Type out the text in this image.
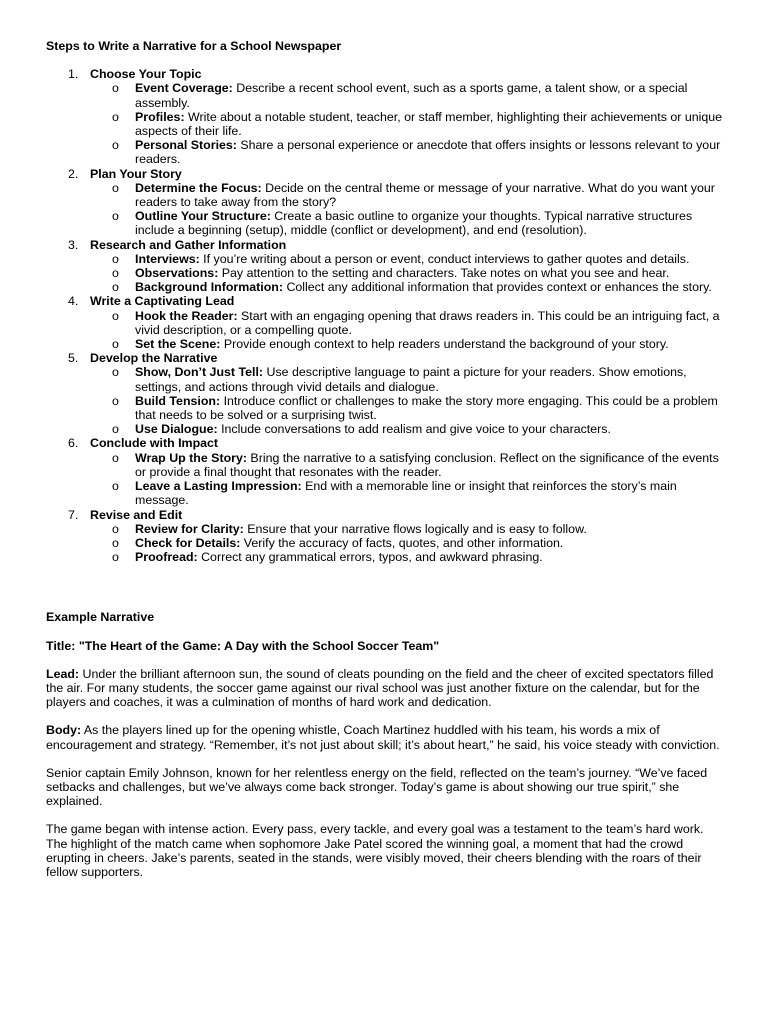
Steps to Write a Narrative for a School Newspaper
1. Choose Your Topic
o Event Coverage: Describe a recent school event, such as a sports game, a talent show, or a special assembly.
o Profiles: Write about a notable student, teacher, or staff member, highlighting their achievements or unique aspects of their life.
o Personal Stories: Share a personal experience or anecdote that offers insights or lessons relevant to your readers.
2. Plan Your Story
o Determine the Focus: Decide on the central theme or message of your narrative. What do you want your readers to take away from the story?
o Outline Your Structure: Create a basic outline to organize your thoughts. Typical narrative structures include a beginning (setup), middle (conflict or development), and end (resolution).
3. Research and Gather Information
o Interviews: If you’re writing about a person or event, conduct interviews to gather quotes and details.
o Observations: Pay attention to the setting and characters. Take notes on what you see and hear.
o Background Information: Collect any additional information that provides context or enhances the story.
4. Write a Captivating Lead
o Hook the Reader: Start with an engaging opening that draws readers in. This could be an intriguing fact, a vivid description, or a compelling quote.
o Set the Scene: Provide enough context to help readers understand the background of your story.
5. Develop the Narrative
o Show, Don’t Just Tell: Use descriptive language to paint a picture for your readers. Show emotions, settings, and actions through vivid details and dialogue.
o Build Tension: Introduce conflict or challenges to make the story more engaging. This could be a problem that needs to be solved or a surprising twist.
o Use Dialogue: Include conversations to add realism and give voice to your characters.
6. Conclude with Impact
o Wrap Up the Story: Bring the narrative to a satisfying conclusion. Reflect on the significance of the events or provide a final thought that resonates with the reader.
o Leave a Lasting Impression: End with a memorable line or insight that reinforces the story’s main message.
7. Revise and Edit
o Review for Clarity: Ensure that your narrative flows logically and is easy to follow.
o Check for Details: Verify the accuracy of facts, quotes, and other information.
o Proofread: Correct any grammatical errors, typos, and awkward phrasing.
Example Narrative
Title: "The Heart of the Game: A Day with the School Soccer Team"
Lead: Under the brilliant afternoon sun, the sound of cleats pounding on the field and the cheer of excited spectators filled the air. For many students, the soccer game against our rival school was just another fixture on the calendar, but for the players and coaches, it was a culmination of months of hard work and dedication.
Body: As the players lined up for the opening whistle, Coach Martinez huddled with his team, his words a mix of encouragement and strategy. “Remember, it’s not just about skill; it’s about heart,” he said, his voice steady with conviction.
Senior captain Emily Johnson, known for her relentless energy on the field, reflected on the team’s journey. “We’ve faced setbacks and challenges, but we’ve always come back stronger. Today’s game is about showing our true spirit,” she explained.
The game began with intense action. Every pass, every tackle, and every goal was a testament to the team’s hard work. The highlight of the match came when sophomore Jake Patel scored the winning goal, a moment that had the crowd erupting in cheers. Jake’s parents, seated in the stands, were visibly moved, their cheers blending with the roars of their fellow supporters.
